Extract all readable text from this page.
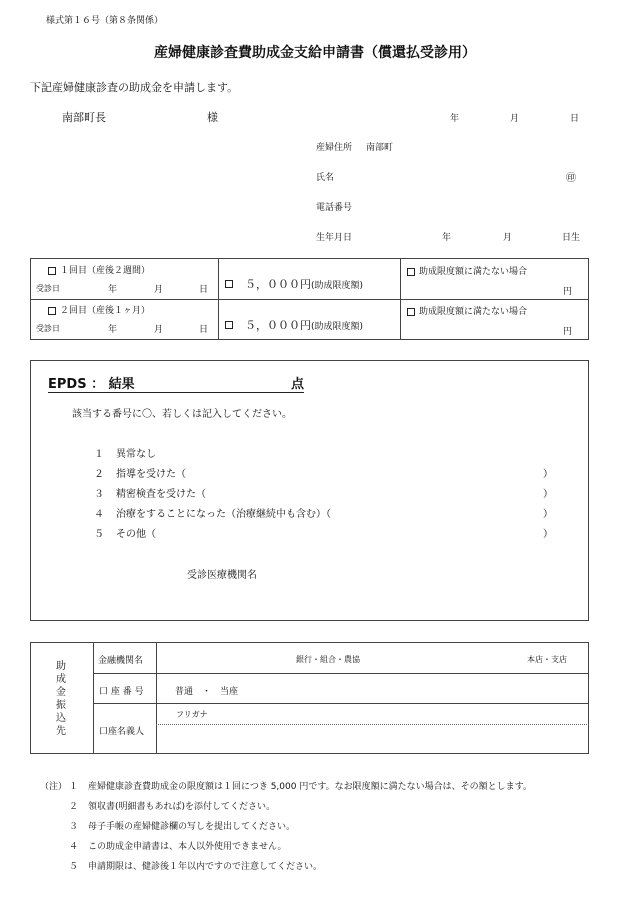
様式第１６号（第８条関係）
産婦健康診査費助成金支給申請書（償還払受診用）
下記産婦健康診査の助成金を申請します。
南部町長	様	年	月	日
産婦住所 南部町
氏名	㊞
電話番号
生年月日	年	月	日生
１回目（産後２週間）
受診日	年	月	日	５，０００円(助成限度額)
助成限度額に満たない場合
円
２回目（産後１ヶ月）
受診日	年	月	日	５，０００円(助成限度額)
助成限度額に満たない場合
円
EPDS ： 結果	点
該当する番号に〇、若しくは記入してください。
１ 異常なし
２ 指導を受けた（	）
３ 精密検査を受けた（	）
４ 治療をすることになった（治療継続中も含む）（	）
５ その他（	）
受診医療機関名
助成金振込先
金融機関名	銀行・組合・農協	本店・支店
口 座 番 号	普通　・　当座
フリガナ
口座名義人
（注） １ 産婦健康診査費助成金の限度額は１回につき 5,000 円です。なお限度額に満たない場合は、その額とします。
２ 領収書(明細書もあれば)を添付してください。
３ 母子手帳の産婦健診欄の写しを提出してください。
４ この助成金申請書は、本人以外使用できません。
５ 申請期限は、健診後１年以内ですので注意してください。
